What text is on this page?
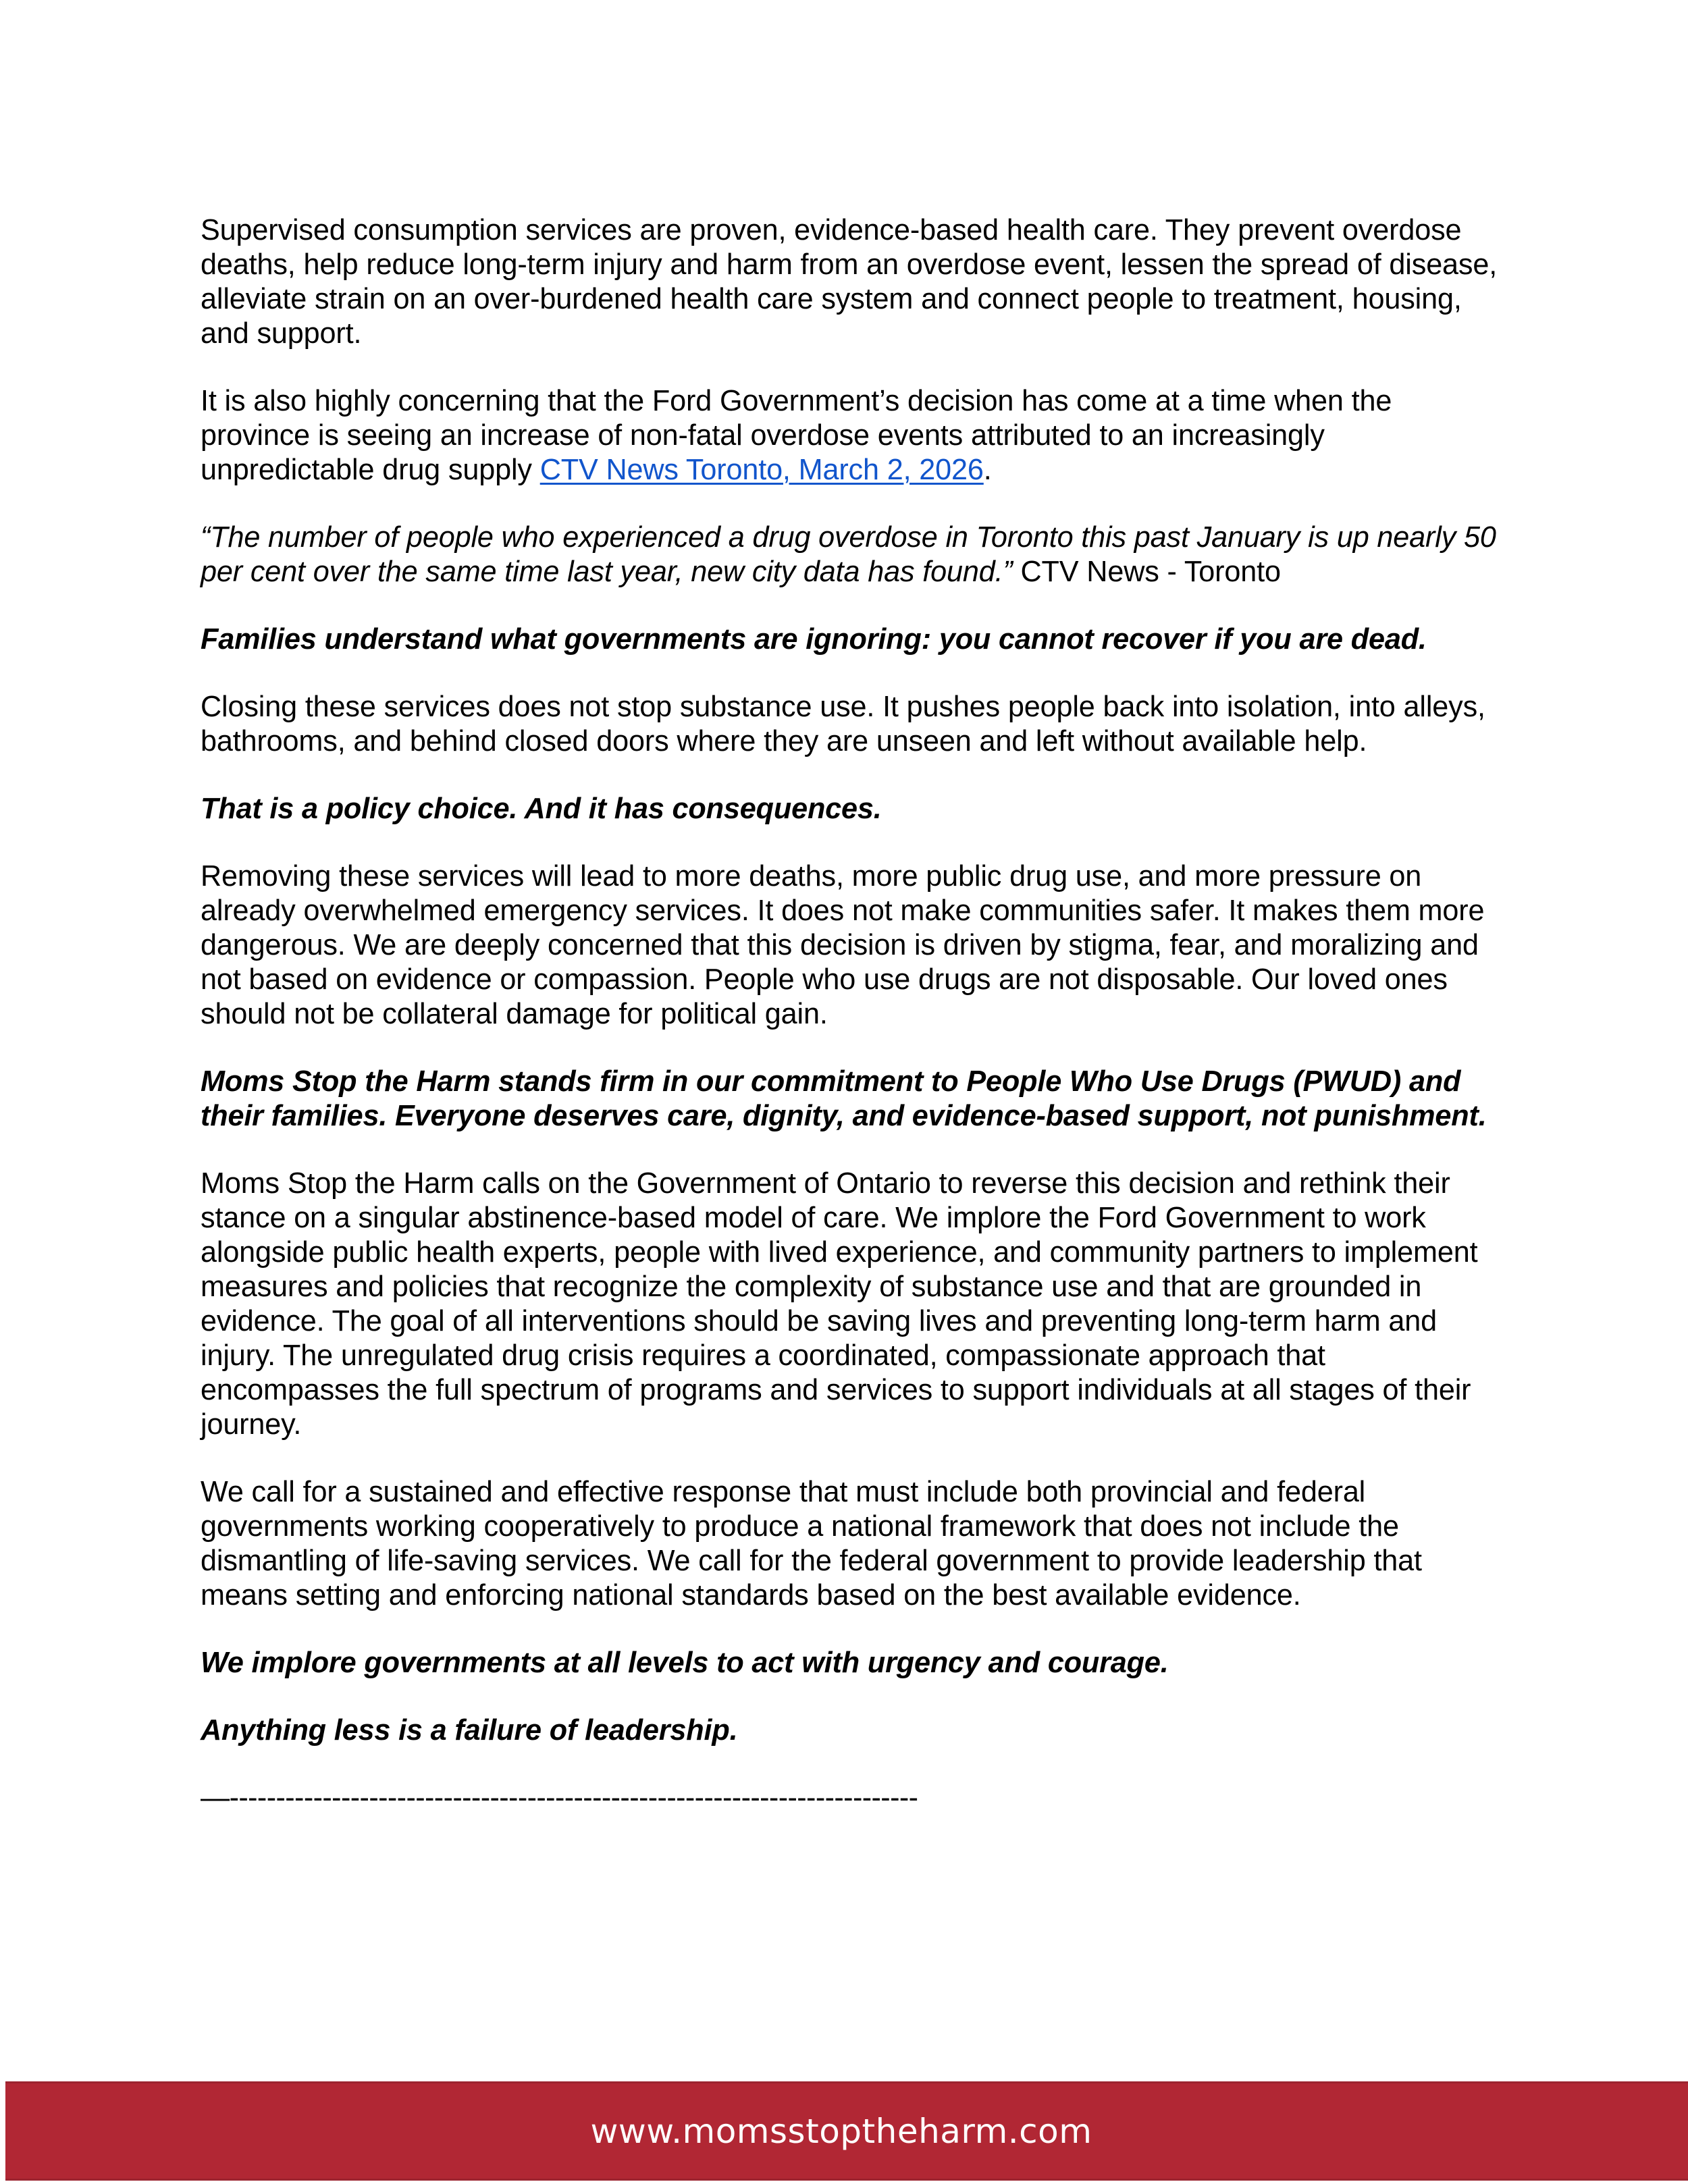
Supervised consumption services are proven, evidence-based health care. They prevent overdose deaths, help reduce long-term injury and harm from an overdose event, lessen the spread of disease, alleviate strain on an over-burdened health care system and connect people to treatment, housing, and support.

It is also highly concerning that the Ford Government’s decision has come at a time when the province is seeing an increase of non-fatal overdose events attributed to an increasingly unpredictable drug supply CTV News Toronto, March 2, 2026.

“The number of people who experienced a drug overdose in Toronto this past January is up nearly 50 per cent over the same time last year, new city data has found.” CTV News - Toronto

Families understand what governments are ignoring: you cannot recover if you are dead.

Closing these services does not stop substance use. It pushes people back into isolation, into alleys, bathrooms, and behind closed doors where they are unseen and left without available help.

That is a policy choice. And it has consequences.

Removing these services will lead to more deaths, more public drug use, and more pressure on already overwhelmed emergency services. It does not make communities safer. It makes them more dangerous. We are deeply concerned that this decision is driven by stigma, fear, and moralizing and not based on evidence or compassion. People who use drugs are not disposable. Our loved ones should not be collateral damage for political gain.

Moms Stop the Harm stands firm in our commitment to People Who Use Drugs (PWUD) and their families. Everyone deserves care, dignity, and evidence-based support, not punishment.

Moms Stop the Harm calls on the Government of Ontario to reverse this decision and rethink their stance on a singular abstinence-based model of care. We implore the Ford Government to work alongside public health experts, people with lived experience, and community partners to implement measures and policies that recognize the complexity of substance use and that are grounded in evidence. The goal of all interventions should be saving lives and preventing long-term harm and injury. The unregulated drug crisis requires a coordinated, compassionate approach that encompasses the full spectrum of programs and services to support individuals at all stages of their journey.

We call for a sustained and effective response that must include both provincial and federal governments working cooperatively to produce a national framework that does not include the dismantling of life-saving services. We call for the federal government to provide leadership that means setting and enforcing national standards based on the best available evidence.

We implore governments at all levels to act with urgency and courage.

Anything less is a failure of leadership.

—--------------------------------------------------------------------------
www.momsstoptheharm.com
